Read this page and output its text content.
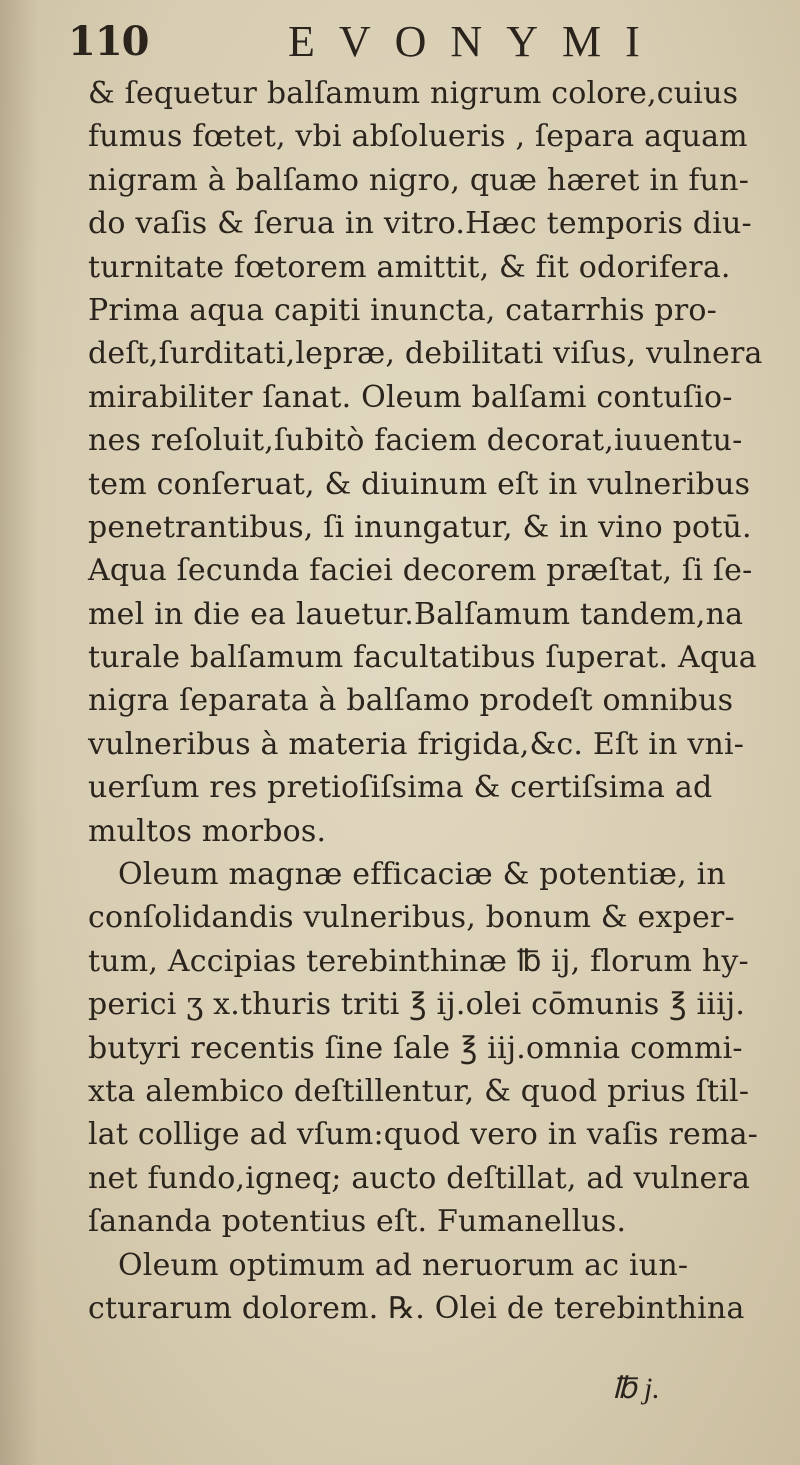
110	EVONYMI
& ſequetur balſamum nigrum colore,cuius
fumus fœtet, vbi abſolueris , ſepara aquam
nigram à balſamo nigro, quæ hæret in fun-
do vaſis & ſerua in vitro.Hæc temporis diu-
turnitate fœtorem amittit, & fit odorifera.
Prima aqua capiti inuncta, catarrhis pro-
deſt,ſurditati,lepræ, debilitati viſus, vulnera
mirabiliter ſanat. Oleum balſami contuſio-
nes reſoluit,ſubitò faciem decorat,iuuentu-
tem conſeruat, & diuinum eſt in vulneribus
penetrantibus, ſi inungatur, & in vino potū.
Aqua ſecunda faciei decorem præſtat, ſi ſe-
mel in die ea lauetur.Balſamum tandem,na
turale balſamum facultatibus ſuperat. Aqua
nigra ſeparata à balſamo prodeſt omnibus
vulneribus à materia frigida,&c. Eſt in vni-
uerſum res pretioſiſsima & certiſsima ad
multos morbos.
Oleum magnæ efficaciæ & potentiæ, in
conſolidandis vulneribus, bonum & exper-
tum, Accipias terebinthinæ ℔ ij, florum hy-
perici ʒ x.thuris triti ℥ ij.olei cōmunis ℥ iiij.
butyri recentis ſine ſale ℥ iij.omnia commi-
xta alembico deſtillentur, & quod prius ſtil-
lat collige ad vſum:quod vero in vaſis rema-
net fundo,igneq; aucto deſtillat, ad vulnera
ſananda potentius eſt. Fumanellus.
Oleum optimum ad neruorum ac iun-
cturarum dolorem. ℞. Olei de terebinthina
℔ j.
